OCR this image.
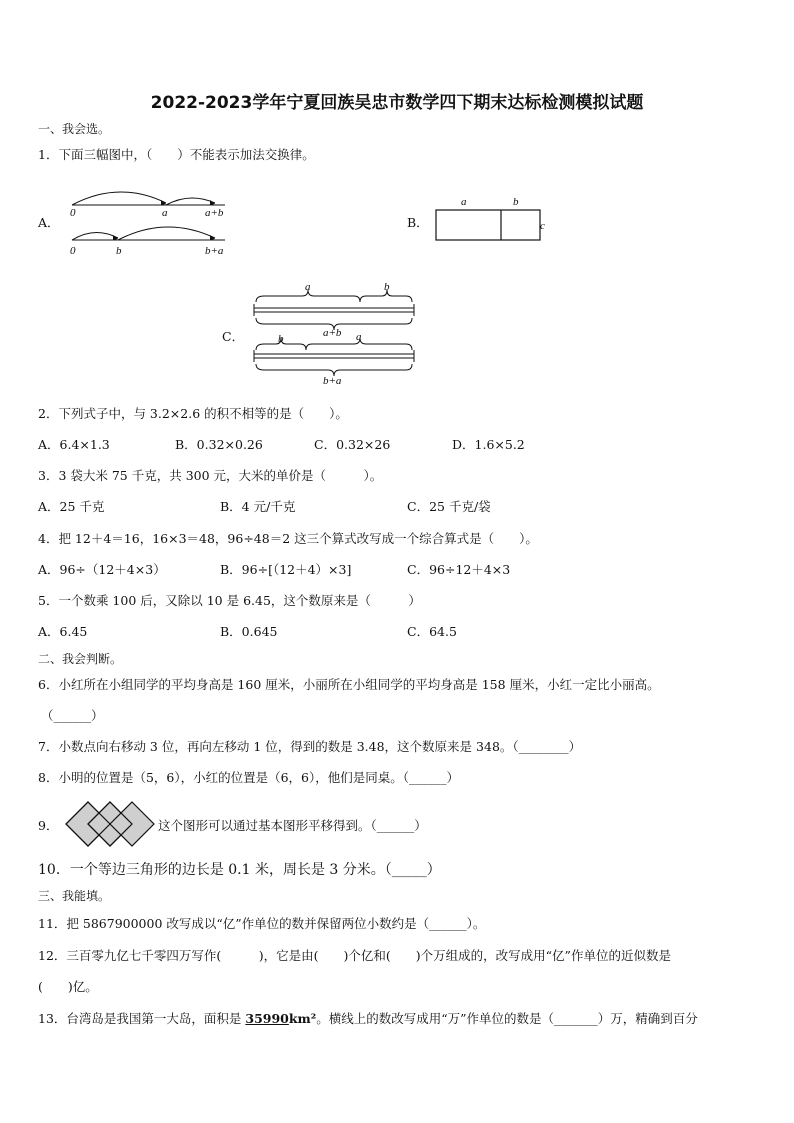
2022-2023学年宁夏回族吴忠市数学四下期末达标检测模拟试题
一、我会选。
1．下面三幅图中，（　　）不能表示加法交换律。
A．
0	a	a+b
0	b	b+a
B．
a	b
c
C．
a	b
a+b
b	a
b+a
2．下列式子中，与 3.2×2.6 的积不相等的是（　　）。
A．6.4×1.3	B．0.32×0.26	C．0.32×26	D．1.6×5.2
3．3 袋大米 75 千克，共 300 元，大米的单价是（　　　）。
A．25 千克	B．4 元/千克	C．25 千克/袋
4．把 12＋4＝16，16×3＝48，96÷48＝2 这三个算式改写成一个综合算式是（　　）。
A．96÷（12＋4×3）	B．96÷[（12＋4）×3]	C．96÷12＋4×3
5．一个数乘 100 后，又除以 10 是 6.45，这个数原来是（　　　）
A．6.45	B．0.645	C．64.5
二、我会判断。
6．小红所在小组同学的平均身高是 160 厘米，小丽所在小组同学的平均身高是 158 厘米，小红一定比小丽高。
（______）
7．小数点向右移动 3 位，再向左移动 1 位，得到的数是 3.48，这个数原来是 348。（________）
8．小明的位置是（5，6），小红的位置是（6，6），他们是同桌。（______）
9．	这个图形可以通过基本图形平移得到。（______）
10．一个等边三角形的边长是 0.1 米，周长是 3 分米。（_____）
三、我能填。
11．把 5867900000 改写成以“亿”作单位的数并保留两位小数约是（______）。
12．三百零九亿七千零四万写作(　　　)，它是由(　　)个亿和(　　)个万组成的，改写成用“亿”作单位的近似数是
(　　)亿。
13．台湾岛是我国第一大岛，面积是 35990km²。横线上的数改写成用“万”作单位的数是（_______）万，精确到百分
